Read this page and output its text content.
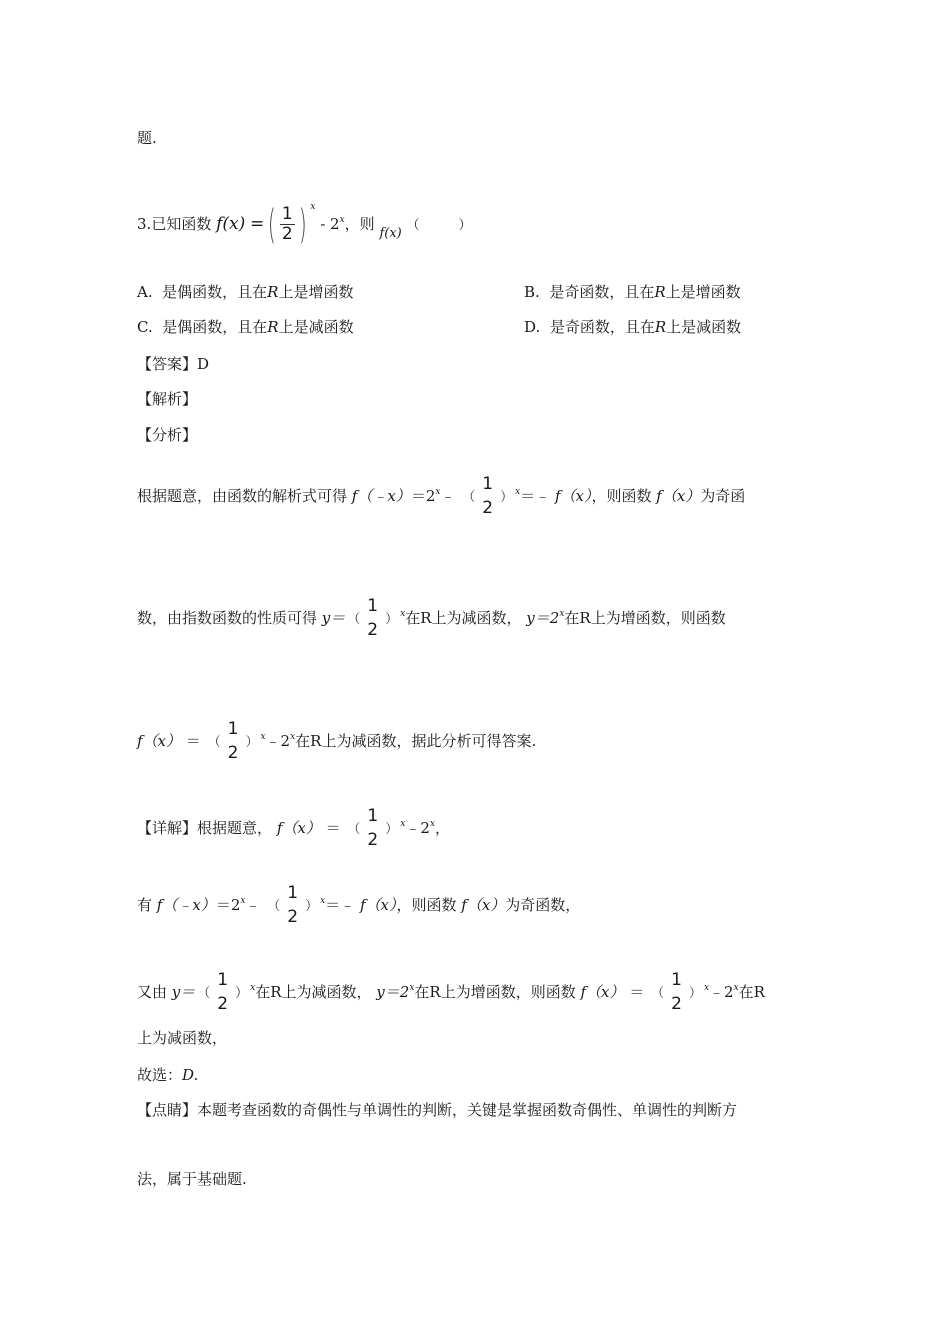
题.
3.已知函数 f(x) =( $\frac{1}{2}$ ) $^x$ - 2$^x$，则 f(x) （　　　）
A. 是偶函数，且在R上是增函数	B. 是奇函数，且在R上是增函数
C. 是偶函数，且在R上是减函数	D. 是奇函数，且在R上是减函数
【答案】D
【解析】
【分析】
根据题意，由函数的解析式可得 $f(﹣x)=2^x﹣$ （
1
2
） $^x$＝﹣ f（x），则函数 f（x）为奇函
数，由指数函数的性质可得 y＝ （
1
2
） $^x$在R上为减函数， $y=2^x$在R上为增函数，则函数
f（x） ＝ （
1
2
） $^x$﹣2$^x$在R上为减函数，据此分析可得答案.
【详解】根据题意， f（x） ＝ （
1
2
） $^x$﹣2$^x$，
有 $f(﹣x)=2^x﹣$ （
1
2
） $^x$＝﹣ f（x），则函数 f（x）为奇函数，
又由 y＝ （
1
2
） $^x$在R上为减函数， $y=2^x$在R上为增函数，则函数 f（x） ＝ （
1
2
） $^x$﹣2$^x$在R
上为减函数，
故选：D.
【点睛】本题考查函数的奇偶性与单调性的判断，关键是掌握函数奇偶性、单调性的判断方
法，属于基础题.
